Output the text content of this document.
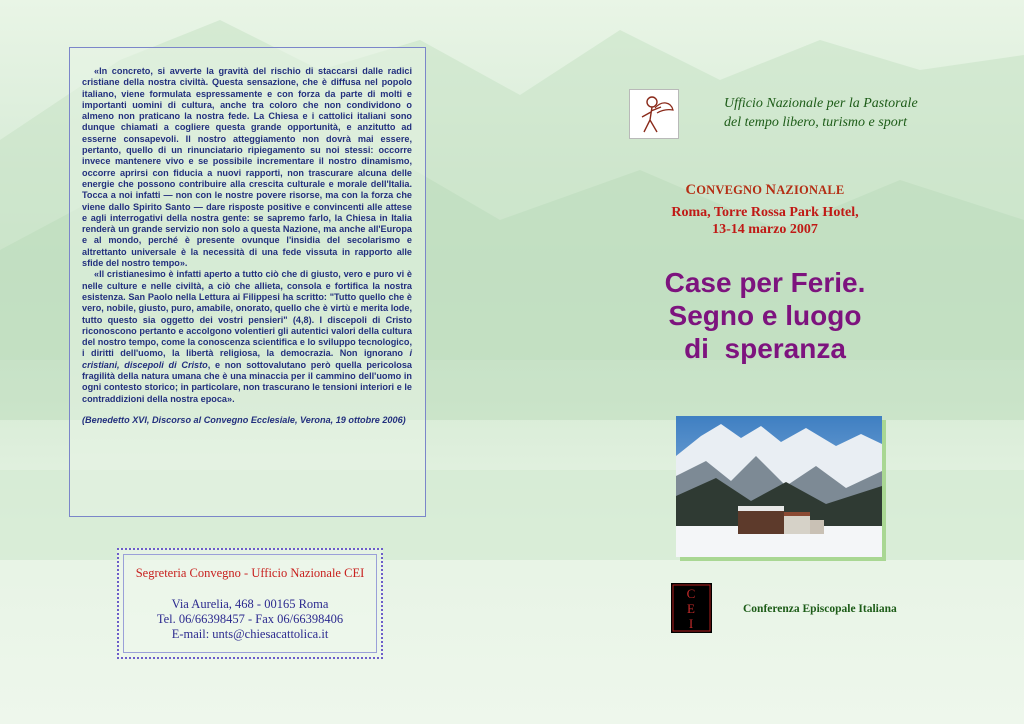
«In concreto, si avverte la gravità del rischio di staccarsi dalle radici cristiane della nostra civiltà. Questa sensazione, che è diffusa nel popolo italiano, viene formulata espressamente e con forza da parte di molti e importanti uomini di cultura, anche tra coloro che non condividono o almeno non praticano la nostra fede. La Chiesa e i cattolici italiani sono dunque chiamati a cogliere questa grande opportunità, e anzitutto ad esserne consapevoli. Il nostro atteggiamento non dovrà mai essere, pertanto, quello di un rinunciatario ripiegamento su noi stessi: occorre invece mantenere vivo e se possibile incrementare il nostro dinamismo, occorre aprirsi con fiducia a nuovi rapporti, non trascurare alcuna delle energie che possono contribuire alla crescita culturale e morale dell'Italia. Tocca a noi infatti — non con le nostre povere risorse, ma con la forza che viene dallo Spirito Santo — dare risposte positive e convincenti alle attese e agli interrogativi della nostra gente: se sapremo farlo, la Chiesa in Italia renderà un grande servizio non solo a questa Nazione, ma anche all'Europa e al mondo, perché è presente ovunque l'insidia del secolarismo e altrettanto universale è la necessità di una fede vissuta in rapporto alle sfide del nostro tempo».

«Il cristianesimo è infatti aperto a tutto ciò che di giusto, vero e puro vi è nelle culture e nelle civiltà, a ciò che allieta, consola e fortifica la nostra esistenza. San Paolo nella Lettura ai Filippesi ha scritto: "Tutto quello che è vero, nobile, giusto, puro, amabile, onorato, quello che è virtù e merita lode, tutto questo sia oggetto dei vostri pensieri" (4,8). I discepoli di Cristo riconoscono pertanto e accolgono volentieri gli autentici valori della cultura del nostro tempo, come la conoscenza scientifica e lo sviluppo tecnologico, i diritti dell'uomo, la libertà religiosa, la democrazia. Non ignorano i cristiani, discepoli di Cristo, e non sottovalutano però quella pericolosa fragilità della natura umana che è una minaccia per il cammino dell'uomo in ogni contesto storico; in particolare, non trascurano le tensioni interiori e le contraddizioni della nostra epoca».

(Benedetto XVI, Discorso al Convegno Ecclesiale, Verona, 19 ottobre 2006)

Segreteria Convegno - Ufficio Nazionale CEI
Via Aurelia, 468 - 00165 Roma
Tel. 06/66398457 - Fax 06/66398406
E-mail: unts@chiesacattolica.it
Ufficio Nazionale per la Pastorale
del tempo libero, turismo e sport
CONVEGNO NAZIONALE
Roma, Torre Rossa Park Hotel,
13-14 marzo 2007
Case per Ferie.
Segno e luogo
di  speranza
C
E
I
Conferenza Episcopale Italiana
